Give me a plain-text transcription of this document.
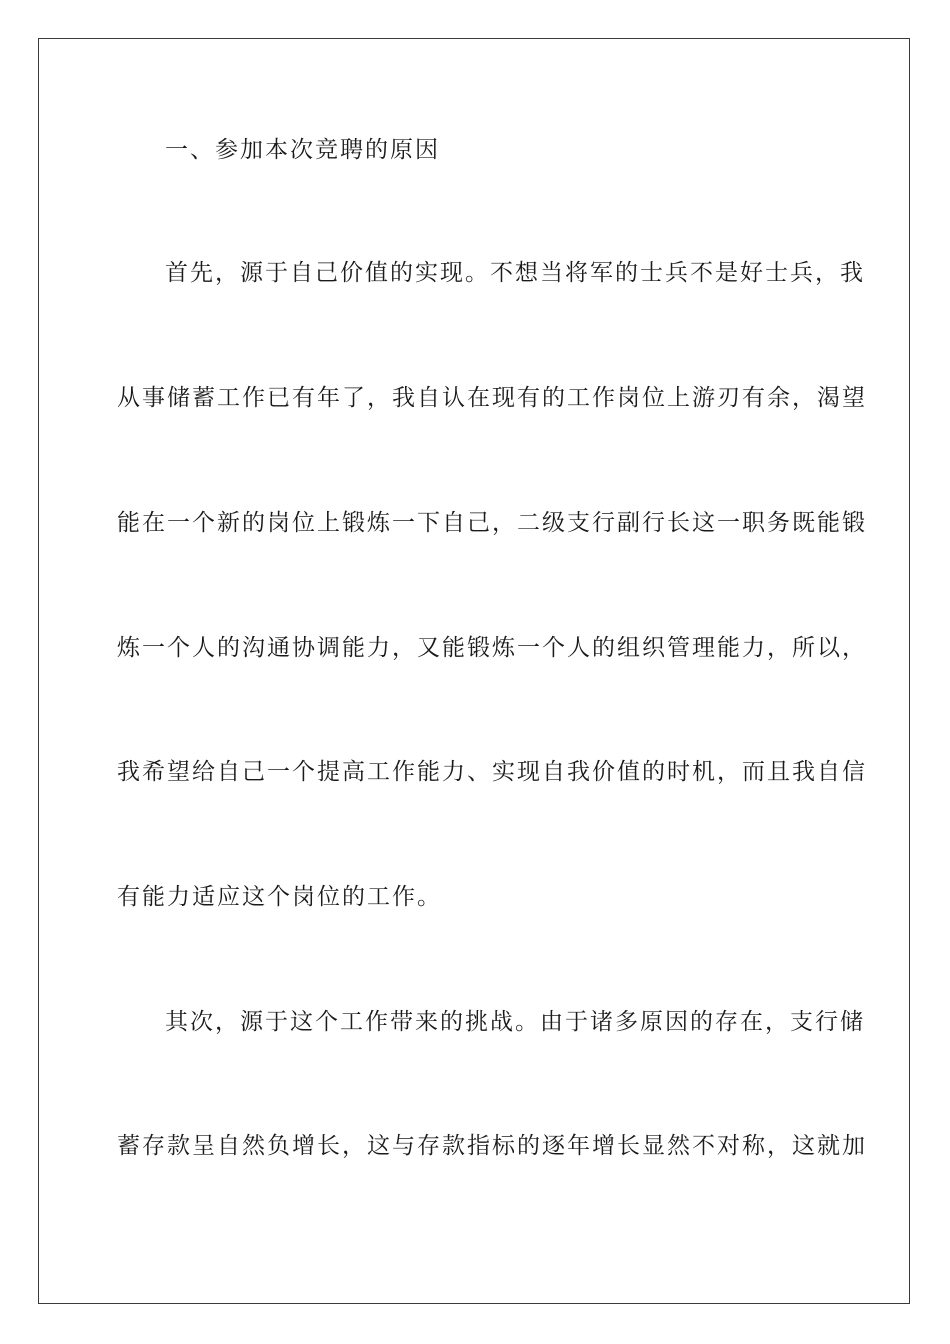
一、参加本次竞聘的原因
首先，源于自己价值的实现。不想当将军的士兵不是好士兵，我
从事储蓄工作已有年了，我自认在现有的工作岗位上游刃有余，渴望
能在一个新的岗位上锻炼一下自己，二级支行副行长这一职务既能锻
炼一个人的沟通协调能力，又能锻炼一个人的组织管理能力，所以，
我希望给自己一个提高工作能力、实现自我价值的时机，而且我自信
有能力适应这个岗位的工作。
其次，源于这个工作带来的挑战。由于诸多原因的存在，支行储
蓄存款呈自然负增长，这与存款指标的逐年增长显然不对称，这就加
